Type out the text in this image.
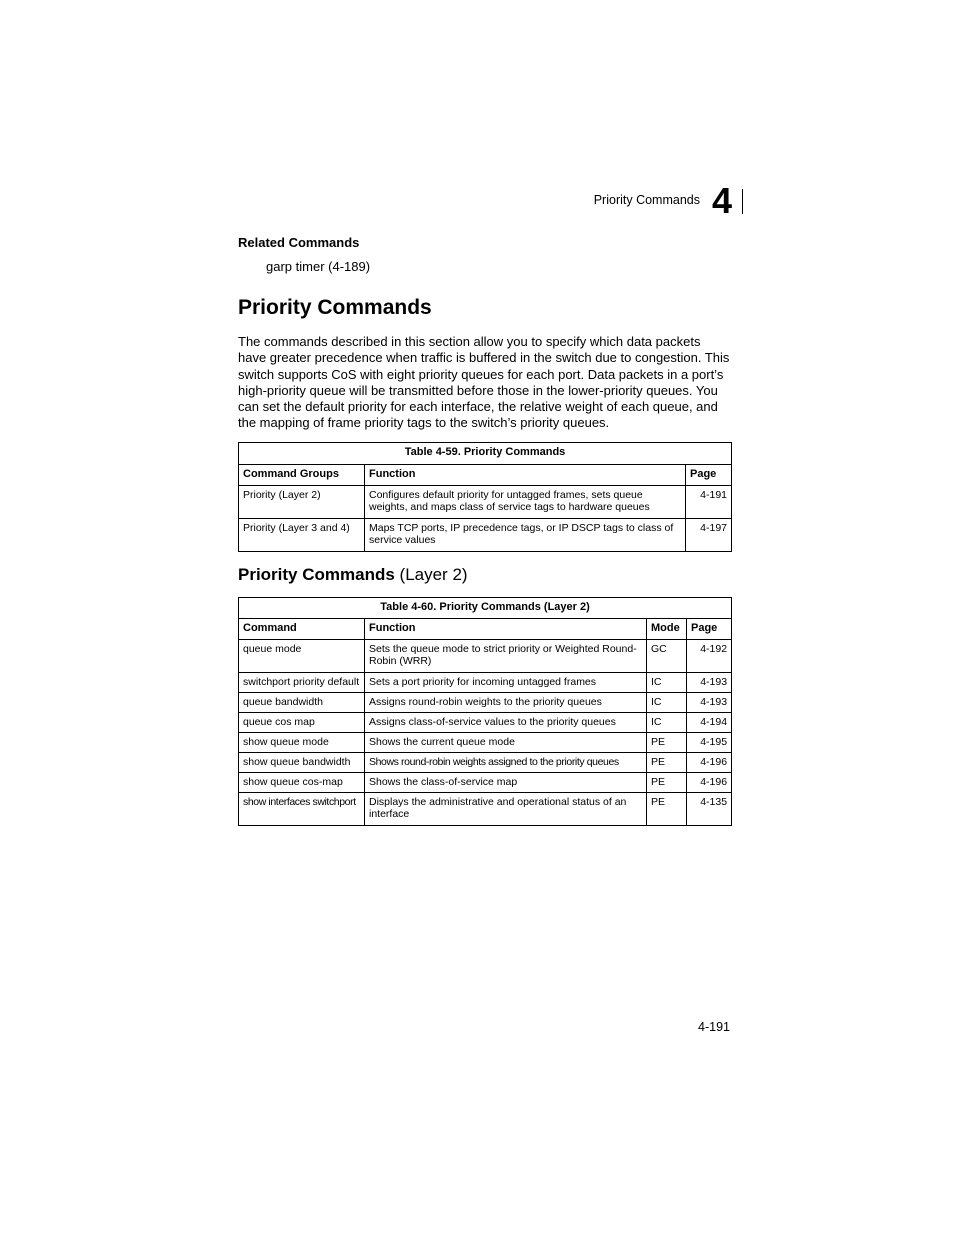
Priority Commands 4
Related Commands
garp timer (4-189)
Priority Commands
The commands described in this section allow you to specify which data packets have greater precedence when traffic is buffered in the switch due to congestion. This switch supports CoS with eight priority queues for each port. Data packets in a port’s high-priority queue will be transmitted before those in the lower-priority queues. You can set the default priority for each interface, the relative weight of each queue, and the mapping of frame priority tags to the switch’s priority queues.
Table 4-59. Priority Commands		
Command Groups	Function	Page
Priority (Layer 2)	Configures default priority for untagged frames, sets queue weights, and maps class of service tags to hardware queues	4-191
Priority (Layer 3 and 4)	Maps TCP ports, IP precedence tags, or IP DSCP tags to class of service values	4-197
Priority Commands (Layer 2)
Table 4-60. Priority Commands (Layer 2)			
Command	Function	Mode	Page
queue mode	Sets the queue mode to strict priority or Weighted Round-Robin (WRR)	GC	4-192
switchport priority default	Sets a port priority for incoming untagged frames	IC	4-193
queue bandwidth	Assigns round-robin weights to the priority queues	IC	4-193
queue cos map	Assigns class-of-service values to the priority queues	IC	4-194
show queue mode	Shows the current queue mode	PE	4-195
show queue bandwidth	Shows round-robin weights assigned to the priority queues	PE	4-196
show queue cos-map	Shows the class-of-service map	PE	4-196
show interfaces switchport	Displays the administrative and operational status of an interface	PE	4-135
4-191
